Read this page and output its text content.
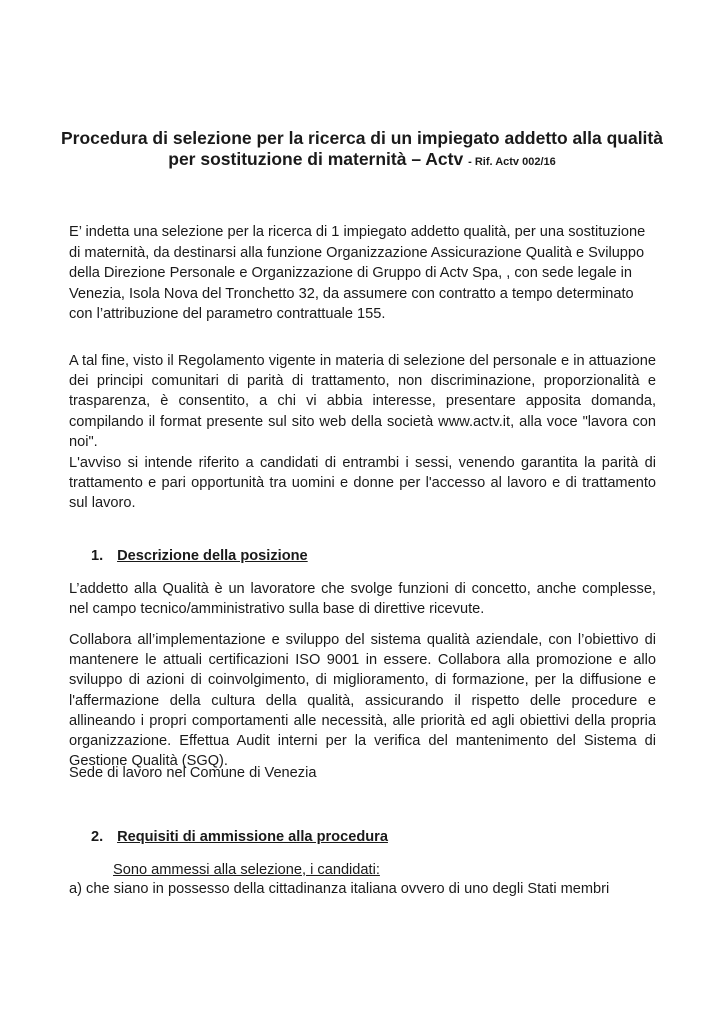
Procedura di selezione per la ricerca di un impiegato addetto alla qualità
per sostituzione di maternità – Actv - Rif. Actv 002/16
E’ indetta una selezione per la ricerca di 1 impiegato addetto qualità, per una sostituzione di maternità, da destinarsi alla funzione Organizzazione Assicurazione Qualità e Sviluppo della Direzione Personale e Organizzazione di Gruppo di Actv Spa, , con sede legale in Venezia, Isola Nova del Tronchetto 32, da assumere con contratto a tempo determinato con l’attribuzione del parametro contrattuale 155.
A tal fine, visto il Regolamento vigente in materia di selezione del personale e in attuazione dei principi comunitari di parità di trattamento, non discriminazione, proporzionalità e trasparenza, è consentito, a chi vi abbia interesse, presentare apposita domanda, compilando il format presente sul sito web della società www.actv.it, alla voce "lavora con noi".
L'avviso si intende riferito a candidati di entrambi i sessi, venendo garantita la parità di trattamento e pari opportunità tra uomini e donne per l'accesso al lavoro e di trattamento sul lavoro.
1. Descrizione della posizione
L’addetto alla Qualità è un lavoratore che svolge funzioni di concetto, anche complesse, nel campo tecnico/amministrativo sulla base di direttive ricevute.
Collabora all’implementazione e sviluppo del sistema qualità aziendale, con l’obiettivo di mantenere le attuali certificazioni ISO 9001 in essere. Collabora alla promozione e allo sviluppo di azioni di coinvolgimento, di miglioramento, di formazione, per la diffusione e l'affermazione della cultura della qualità, assicurando il rispetto delle procedure e allineando i propri comportamenti alle necessità, alle priorità ed agli obiettivi della propria organizzazione. Effettua Audit interni per la verifica del mantenimento del Sistema di Gestione Qualità (SGQ).
Sede di lavoro nel Comune di Venezia
2. Requisiti di ammissione alla procedura
Sono ammessi alla selezione, i candidati:
a) che siano in possesso della cittadinanza italiana ovvero di uno degli Stati membri
